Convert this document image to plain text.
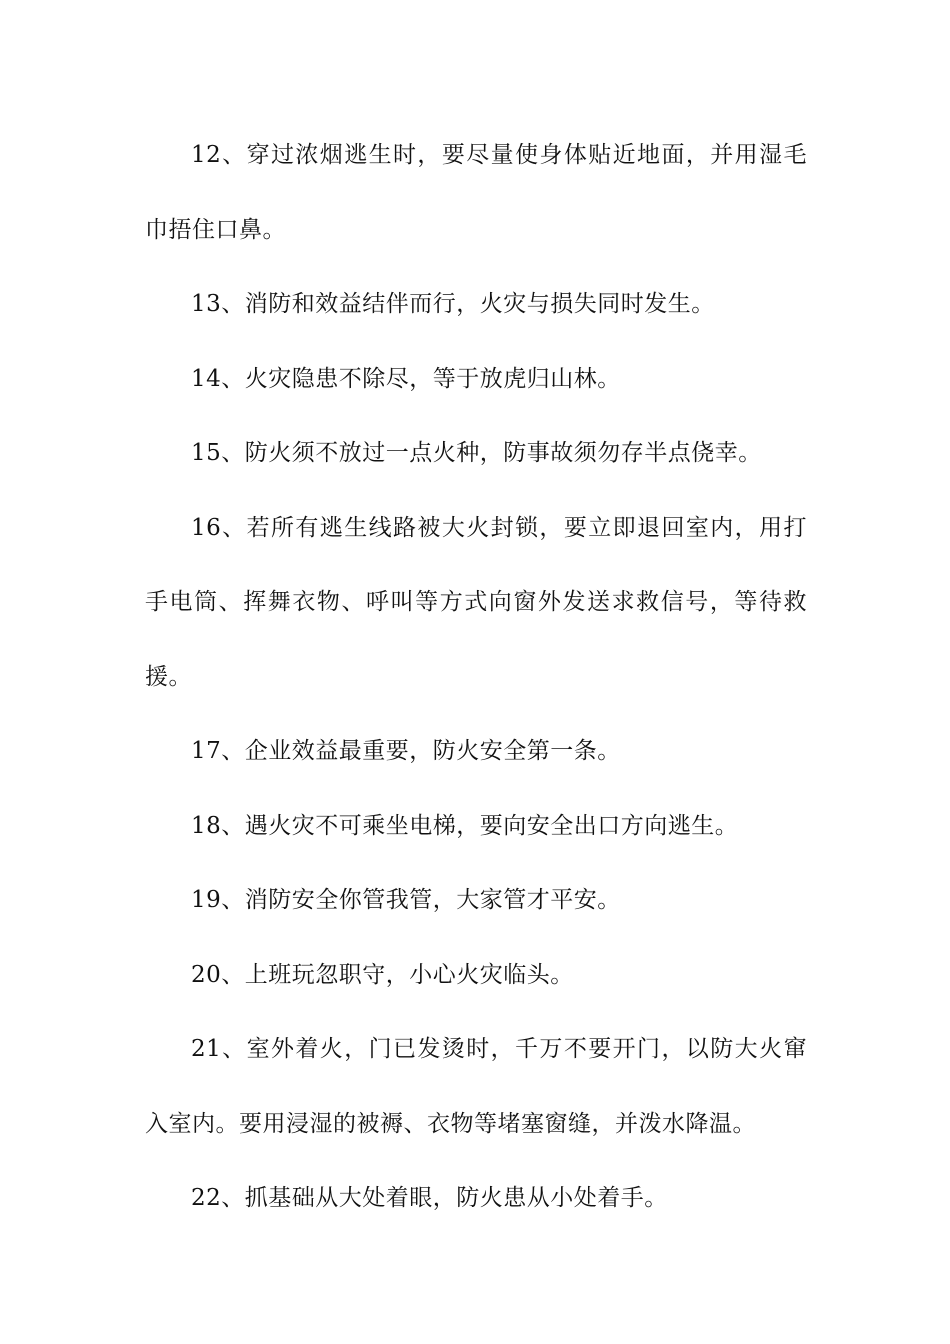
12、穿过浓烟逃生时，要尽量使身体贴近地面，并用湿毛巾捂住口鼻。

13、消防和效益结伴而行，火灾与损失同时发生。

14、火灾隐患不除尽，等于放虎归山林。

15、防火须不放过一点火种，防事故须勿存半点侥幸。

16、若所有逃生线路被大火封锁，要立即退回室内，用打手电筒、挥舞衣物、呼叫等方式向窗外发送求救信号，等待救援。

17、企业效益最重要，防火安全第一条。

18、遇火灾不可乘坐电梯，要向安全出口方向逃生。

19、消防安全你管我管，大家管才平安。

20、上班玩忽职守，小心火灾临头。

21、室外着火，门已发烫时，千万不要开门，以防大火窜入室内。要用浸湿的被褥、衣物等堵塞窗缝，并泼水降温。

22、抓基础从大处着眼，防火患从小处着手。
